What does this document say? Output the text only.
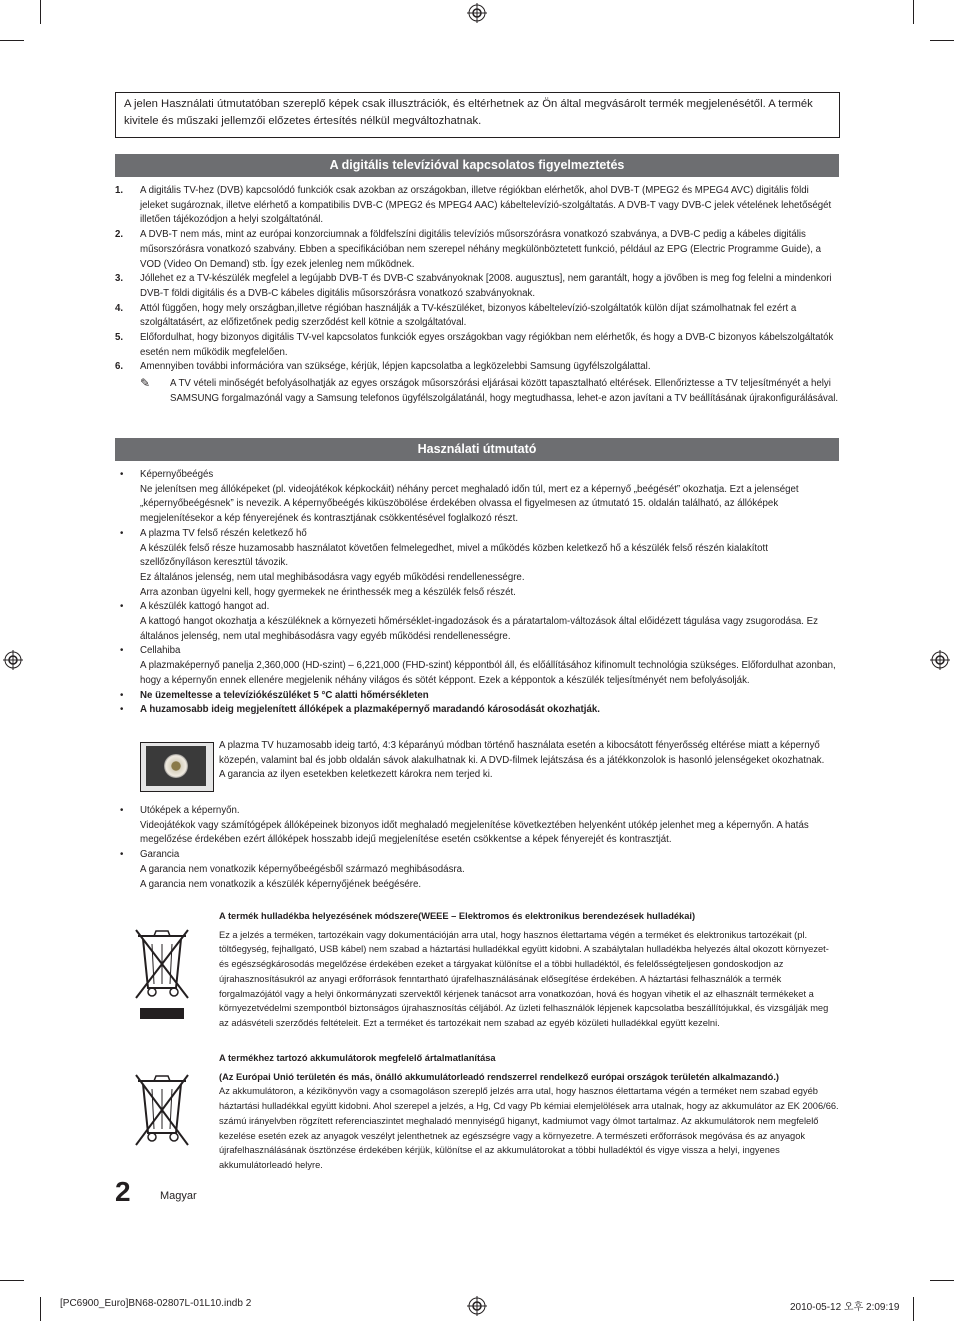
A jelen Használati útmutatóban szereplő képek csak illusztrációk, és eltérhetnek az Ön által megvásárolt termék megjelenésétől. A termék kivitele és műszaki jellemzői előzetes értesítés nélkül megváltozhatnak.
A digitális televízióval kapcsolatos figyelmeztetés
1. A digitális TV-hez (DVB) kapcsolódó funkciók csak azokban az országokban, illetve régiókban elérhetők, ahol DVB-T (MPEG2 és MPEG4 AVC) digitális földi jeleket sugároznak, illetve elérhető a kompatibilis DVB-C (MPEG2 és MPEG4 AAC) kábeltelevízió-szolgáltatás. A DVB-T vagy DVB-C jelek vételének lehetőségét illetően tájékozódjon a helyi szolgáltatónál.
2. A DVB-T nem más, mint az európai konzorciumnak a földfelszíni digitális televíziós műsorszórásra vonatkozó szabványa, a DVB-C pedig a kábeles digitális műsorszórásra vonatkozó szabvány. Ebben a specifikációban nem szerepel néhány megkülönböztetett funkció, például az EPG (Electric Programme Guide), a VOD (Video On Demand) stb. Így ezek jelenleg nem működnek.
3. Jóllehet ez a TV-készülék megfelel a legújabb DVB-T és DVB-C szabványoknak [2008. augusztus], nem garantált, hogy a jövőben is meg fog felelni a mindenkori DVB-T földi digitális és a DVB-C kábeles digitális műsorszórásra vonatkozó szabványoknak.
4. Attól függően, hogy mely országban,illetve régióban használják a TV-készüléket, bizonyos kábeltelevízió-szolgáltatók külön díjat számolhatnak fel ezért a szolgáltatásért, az előfizetőnek pedig szerződést kell kötnie a szolgáltatóval.
5. Előfordulhat, hogy bizonyos digitális TV-vel kapcsolatos funkciók egyes országokban vagy régiókban nem elérhetők, és hogy a DVB-C bizonyos kábelszolgáltatók esetén nem működik megfelelően.
6. Amennyiben további információra van szüksége, kérjük, lépjen kapcsolatba a legközelebbi Samsung ügyfélszolgálattal.
✎ A TV vételi minőségét befolyásolhatják az egyes országok műsorszórási eljárásai között tapasztalható eltérések. Ellenőriztesse a TV teljesítményét a helyi SAMSUNG forgalmazónál vagy a Samsung telefonos ügyfélszolgálatánál, hogy megtudhassa, lehet-e azon javítani a TV beállításának újrakonfigurálásával.
Használati útmutató
• Képernyőbeégés

Ne jelenítsen meg állóképeket (pl. videojátékok képkockáit) néhány percet meghaladó időn túl, mert ez a képernyő „beégését” okozhatja. Ezt a jelenséget „képernyőbeégésnek” is nevezik. A képernyőbeégés kiküszöbölése érdekében olvassa el figyelmesen az útmutató 15. oldalán található, az állóképek megjelenítésekor a kép fényerejének és kontrasztjának csökkentésével foglalkozó részt.

• A plazma TV felső részén keletkező hő

A készülék felső része huzamosabb használatot követően felmelegedhet, mivel a működés közben keletkező hő a készülék felső részén kialakított szellőzőnyíláson keresztül távozik.

Ez általános jelenség, nem utal meghibásodásra vagy egyéb működési rendellenességre.

Arra azonban ügyelni kell, hogy gyermekek ne érinthessék meg a készülék felső részét.

• A készülék kattogó hangot ad.

A kattogó hangot okozhatja a készüléknek a környezeti hőmérséklet-ingadozások és a páratartalom-változások által előidézett tágulása vagy zsugorodása. Ez általános jelenség, nem utal meghibásodásra vagy egyéb működési rendellenességre.

• Cellahiba

A plazmaképernyő panelja 2,360,000 (HD-szint) – 6,221,000 (FHD-szint) képpontból áll, és előállításához kifinomult technológia szükséges. Előfordulhat azonban, hogy a képernyőn ennek ellenére megjelenik néhány világos és sötét képpont. Ezek a képpontok a készülék teljesítményét nem befolyásolják.

• Ne üzemeltesse a televíziókészüléket 5 °C alatti hőmérsékleten
• A huzamosabb ideig megjelenített állóképek a plazmaképernyő maradandó károsodását okozhatják.

A plazma TV huzamosabb ideig tartó, 4:3 képarányú módban történő használata esetén a kibocsátott fényerősség eltérése miatt a képernyő közepén, valamint bal és jobb oldalán sávok alakulhatnak ki. A DVD-filmek lejátszása és a játékkonzolok is hasonló jelenségeket okozhatnak.

A garancia az ilyen esetekben keletkezett károkra nem terjed ki.

• Utóképek a képernyőn.

Videojátékok vagy számítógépek állóképeinek bizonyos időt meghaladó megjelenítése következtében helyenként utókép jelenhet meg a képernyőn. A hatás megelőzése érdekében ezért állóképek hosszabb idejű megjelenítése esetén csökkentse a képek fényerejét és kontrasztját.

• Garancia

A garancia nem vonatkozik képernyőbeégésből származó meghibásodásra.

A garancia nem vonatkozik a készülék képernyőjének beégésére.

A termék hulladékba helyezésének módszere(WEEE – Elektromos és elektronikus berendezések hulladékai)

Ez a jelzés a terméken, tartozékain vagy dokumentációján arra utal, hogy hasznos élettartama végén a terméket és elektronikus tartozékait (pl. töltőegység, fejhallgató, USB kábel) nem szabad a háztartási hulladékkal együtt kidobni. A szabálytalan hulladékba helyezés által okozott környezet- és egészségkárosodás megelőzése érdekében ezeket a tárgyakat különítse el a többi hulladéktól, és felelősségteljesen gondoskodjon az újrahasznosításukról az anyagi erőforrások fenntartható újrafelhasználásának elősegítése érdekében. A háztartási felhasználók a termék forgalmazójától vagy a helyi önkormányzati szervektől kérjenek tanácsot arra vonatkozóan, hová és hogyan vihetik el az elhasznált termékeket a környezetvédelmi szempontból biztonságos újrahasznosítás céljából. Az üzleti felhasználók lépjenek kapcsolatba beszállítójukkal, és vizsgálják meg az adásvételi szerződés feltételeit. Ezt a terméket és tartozékait nem szabad az egyéb közületi hulladékkal együtt kezelni.

A termékhez tartozó akkumulátorok megfelelő ártalmatlanítása

(Az Európai Unió területén és más, önálló akkumulátorleadó rendszerrel rendelkező európai országok területén alkalmazandó.)

Az akkumulátoron, a kézikönyvön vagy a csomagoláson szereplő jelzés arra utal, hogy hasznos élettartama végén a terméket nem szabad egyéb háztartási hulladékkal együtt kidobni. Ahol szerepel a jelzés, a Hg, Cd vagy Pb kémiai elemjelölések arra utalnak, hogy az akkumulátor az EK 2006/66. számú irányelvben rögzített referenciaszintet meghaladó mennyiségű higanyt, kadmiumot vagy ólmot tartalmaz. Az akkumulátorok nem megfelelő kezelése esetén ezek az anyagok veszélyt jelenthetnek az egészségre vagy a környezetre. A természeti erőforrások megóvása és az anyagok újrafelhasználásának ösztönzése érdekében kérjük, különítse el az akkumulátorokat a többi hulladéktól és vigye vissza a helyi, ingyenes akkumulátorleadó helyre.

2	Magyar
[PC6900_Euro]BN68-02807L-01L10.indb 2	2010-05-12 오후 2:09:19
